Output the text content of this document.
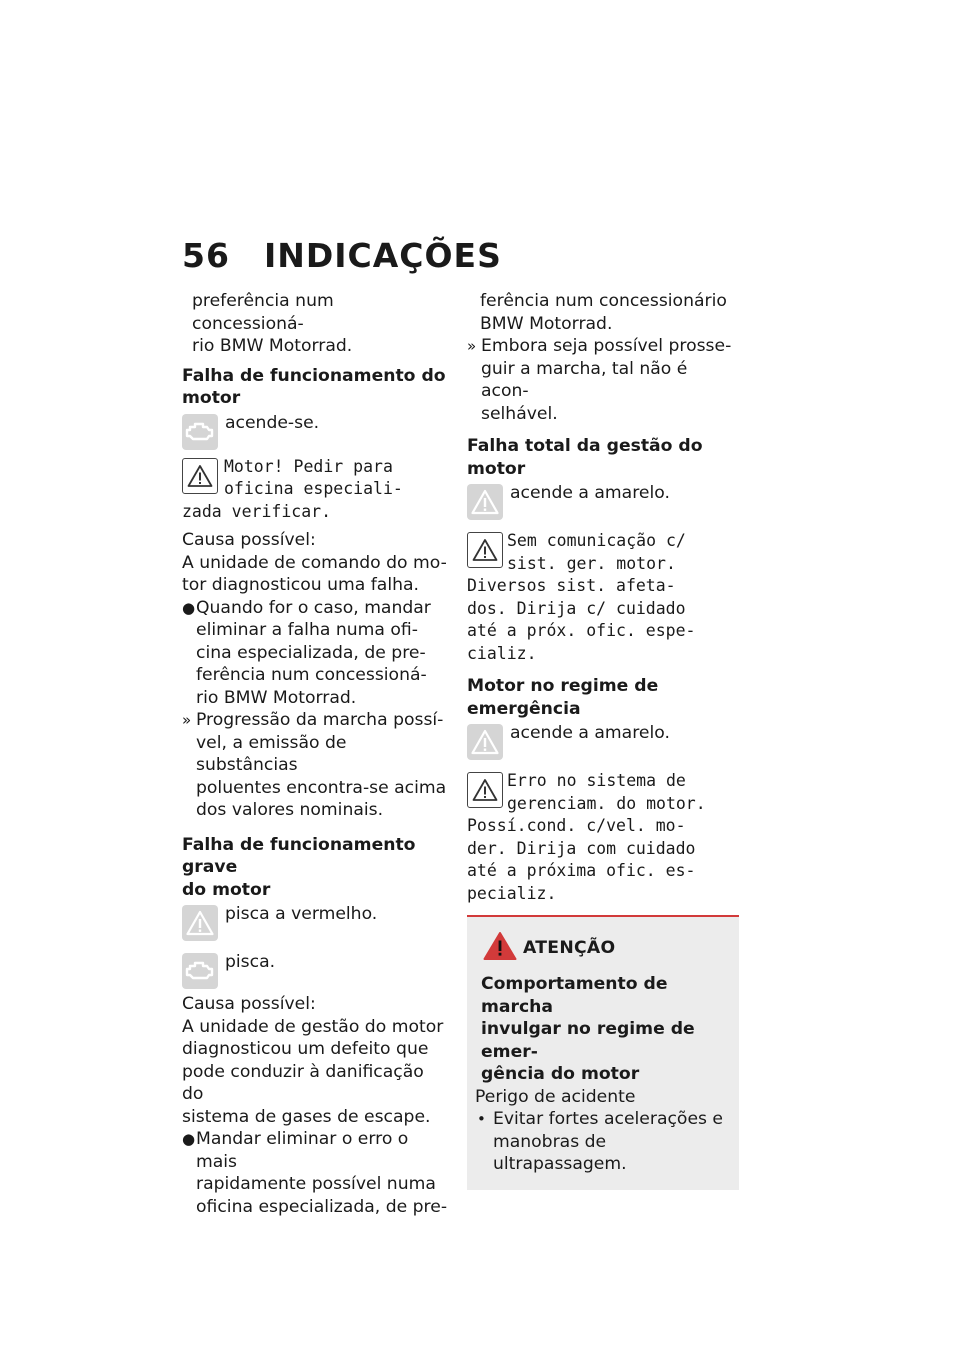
56 INDICAÇÕES
preferência num concessioná-
rio BMW Motorrad.
Falha de funcionamento do
motor
acende-se.
Motor! Pedir para
oficina especiali-
zada verificar.
Causa possível:
A unidade de comando do mo-
tor diagnosticou uma falha.
● Quando for o caso, mandar
eliminar a falha numa ofi-
cina especializada, de pre-
ferência num concessioná-
rio BMW Motorrad.
» Progressão da marcha possí-
vel, a emissão de substâncias
poluentes encontra-se acima
dos valores nominais.
Falha de funcionamento grave
do motor
pisca a vermelho.
pisca.
Causa possível:
A unidade de gestão do motor
diagnosticou um defeito que
pode conduzir à danificação do
sistema de gases de escape.
● Mandar eliminar o erro o mais
rapidamente possível numa
oficina especializada, de pre-
ferência num concessionário
BMW Motorrad.
» Embora seja possível prosse-
guir a marcha, tal não é acon-
selhável.
Falha total da gestão do
motor
acende a amarelo.
Sem comunicação c/
sist. ger. motor.
Diversos sist. afeta-
dos. Dirija c/ cuidado
até a próx. ofic. espe-
cializ.
Motor no regime de
emergência
acende a amarelo.
Erro no sistema de
gerenciam. do motor.
Possí.cond. c/vel. mo-
der. Dirija com cuidado
até a próxima ofic. es-
pecializ.
ATENÇÃO
Comportamento de marcha
invulgar no regime de emer-
gência do motor
Perigo de acidente
• Evitar fortes acelerações e
manobras de ultrapassagem.
